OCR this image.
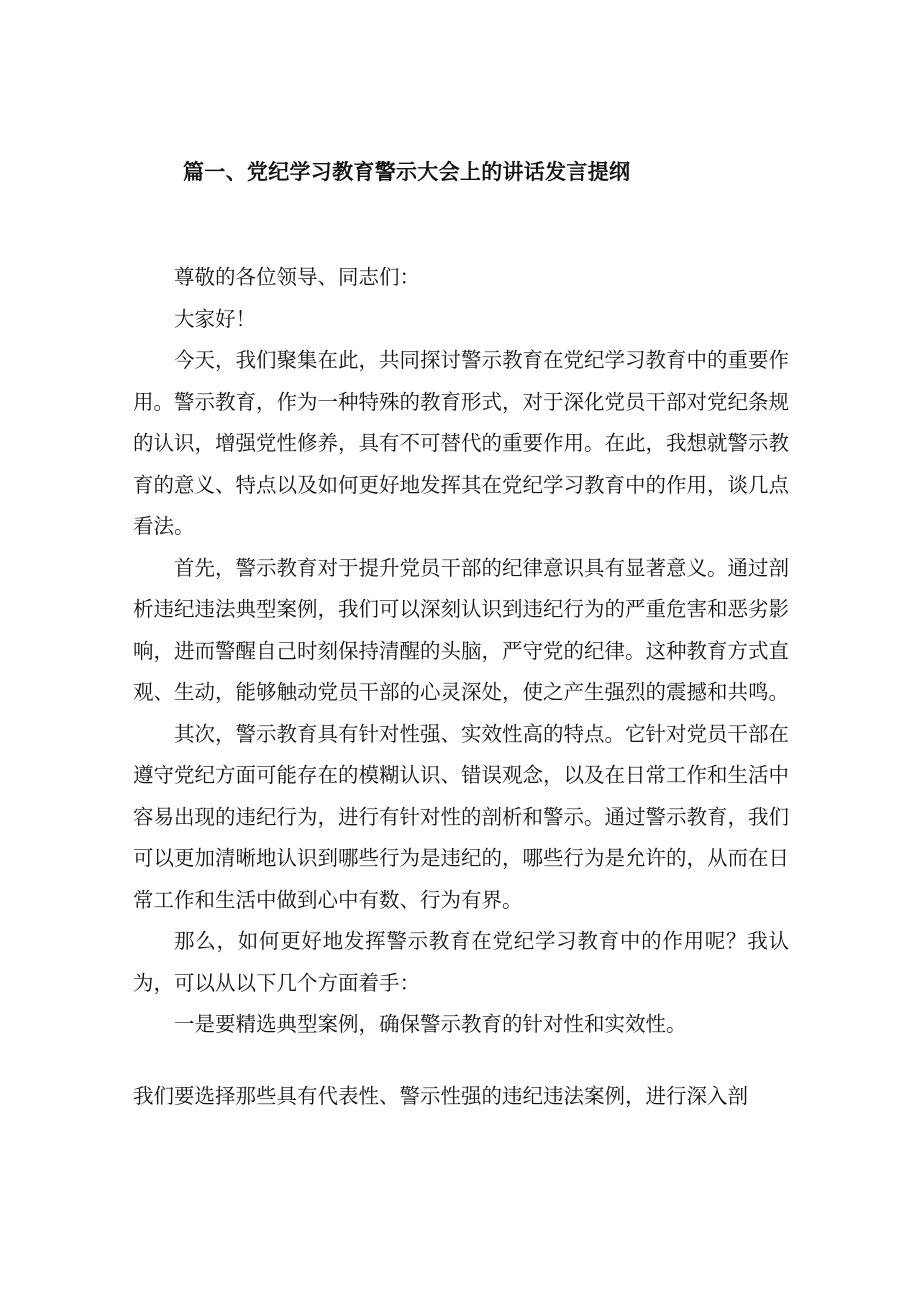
篇一、党纪学习教育警示大会上的讲话发言提纲

尊敬的各位领导、同志们：

大家好！

今天，我们聚集在此，共同探讨警示教育在党纪学习教育中的重要作用。警示教育，作为一种特殊的教育形式，对于深化党员干部对党纪条规的认识，增强党性修养，具有不可替代的重要作用。在此，我想就警示教育的意义、特点以及如何更好地发挥其在党纪学习教育中的作用，谈几点看法。

首先，警示教育对于提升党员干部的纪律意识具有显著意义。通过剖析违纪违法典型案例，我们可以深刻认识到违纪行为的严重危害和恶劣影响，进而警醒自己时刻保持清醒的头脑，严守党的纪律。这种教育方式直观、生动，能够触动党员干部的心灵深处，使之产生强烈的震撼和共鸣。

其次，警示教育具有针对性强、实效性高的特点。它针对党员干部在遵守党纪方面可能存在的模糊认识、错误观念，以及在日常工作和生活中容易出现的违纪行为，进行有针对性的剖析和警示。通过警示教育，我们可以更加清晰地认识到哪些行为是违纪的，哪些行为是允许的，从而在日常工作和生活中做到心中有数、行为有界。

那么，如何更好地发挥警示教育在党纪学习教育中的作用呢？我认为，可以从以下几个方面着手：

一是要精选典型案例，确保警示教育的针对性和实效性。

我们要选择那些具有代表性、警示性强的违纪违法案例，进行深入剖
